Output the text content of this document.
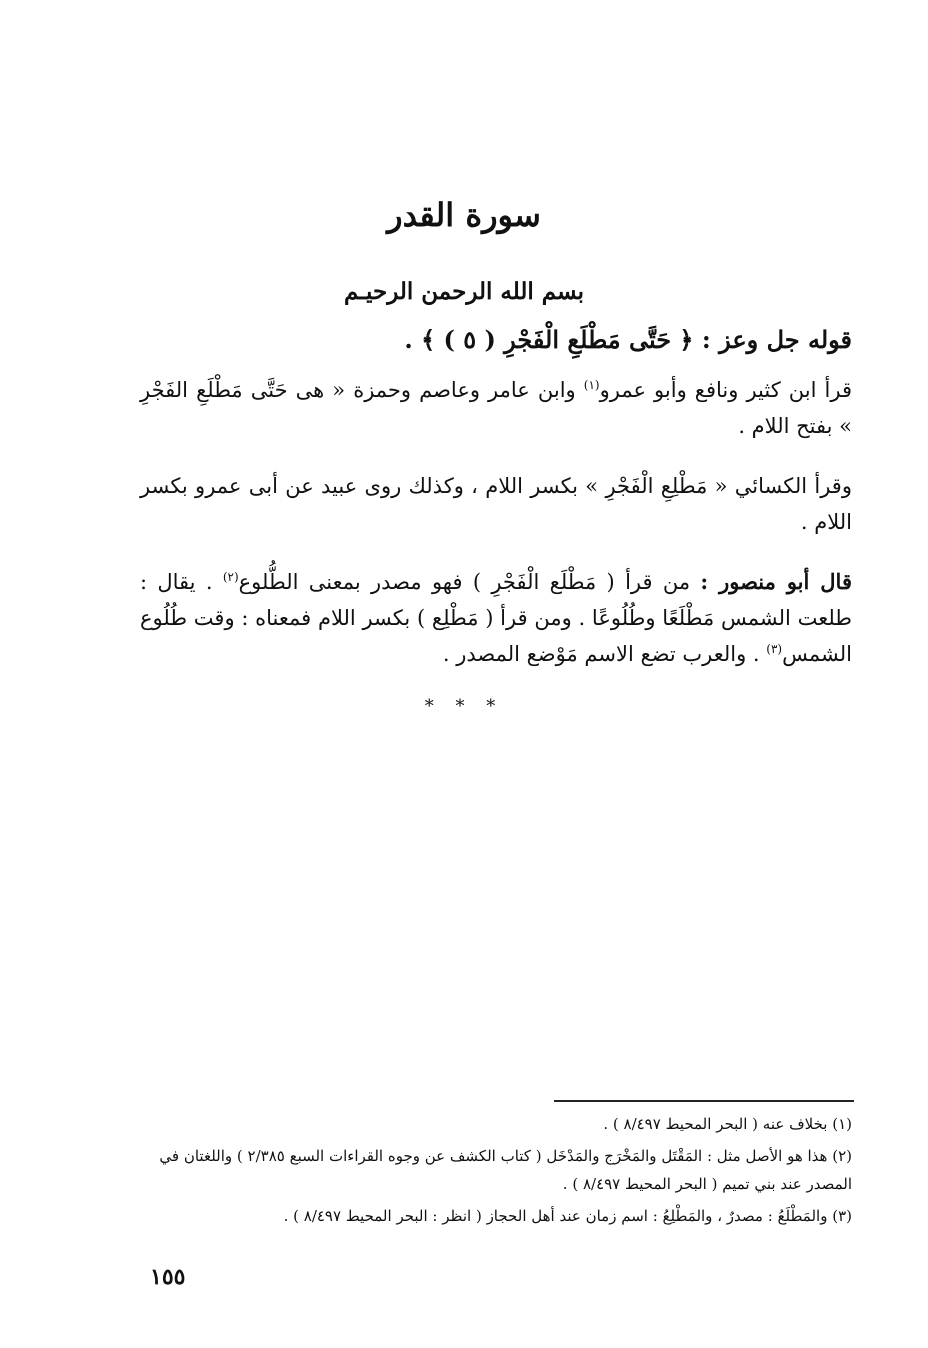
سورة القدر

بسم الله الرحمن الرحيـم

قوله جل وعز : ﴿ حَتَّى مَطْلَعِ الْفَجْرِ ( ٥ ) ﴾ .

قرأ ابن كثير ونافع وأبو عمرو$^{(١)}$ وابن عامر وعاصم وحمزة « هى حَتَّى مَطْلَعِ الفَجْرِ » بفتح اللام .

وقرأ الكسائي « مَطْلِعِ الْفَجْرِ » بكسر اللام ، وكذلك روى عبيد عن أبى عمرو بكسر اللام .

قال أبو منصور : من قرأ ( مَطْلَع الْفَجْرِ ) فهو مصدر بمعنى الطُّلوع$^{(٢)}$ . يقال : طلعت الشمس مَطْلَعًا وطُلُوعًا . ومن قرأ ( مَطْلِع ) بكسر اللام فمعناه : وقت طُلُوع الشمس$^{(٣)}$ . والعرب تضع الاسم مَوْضع المصدر .

* * *
(١) بخلاف عنه ( البحر المحيط ٨/٤٩٧ ) .
(٢) هذا هو الأصل مثل : المَقْتَل والمَخْرَج والمَدْخَل ( كتاب الكشف عن وجوه القراءات السبع ٢/٣٨٥ ) واللغتان في المصدر عند بني تميم ( البحر المحيط ٨/٤٩٧ ) .
(٣) والمَطْلَعُ : مصدرٌ ، والمَطْلِعُ : اسم زمان عند أهل الحجاز ( انظر : البحر المحيط ٨/٤٩٧ ) .
١٥٥
